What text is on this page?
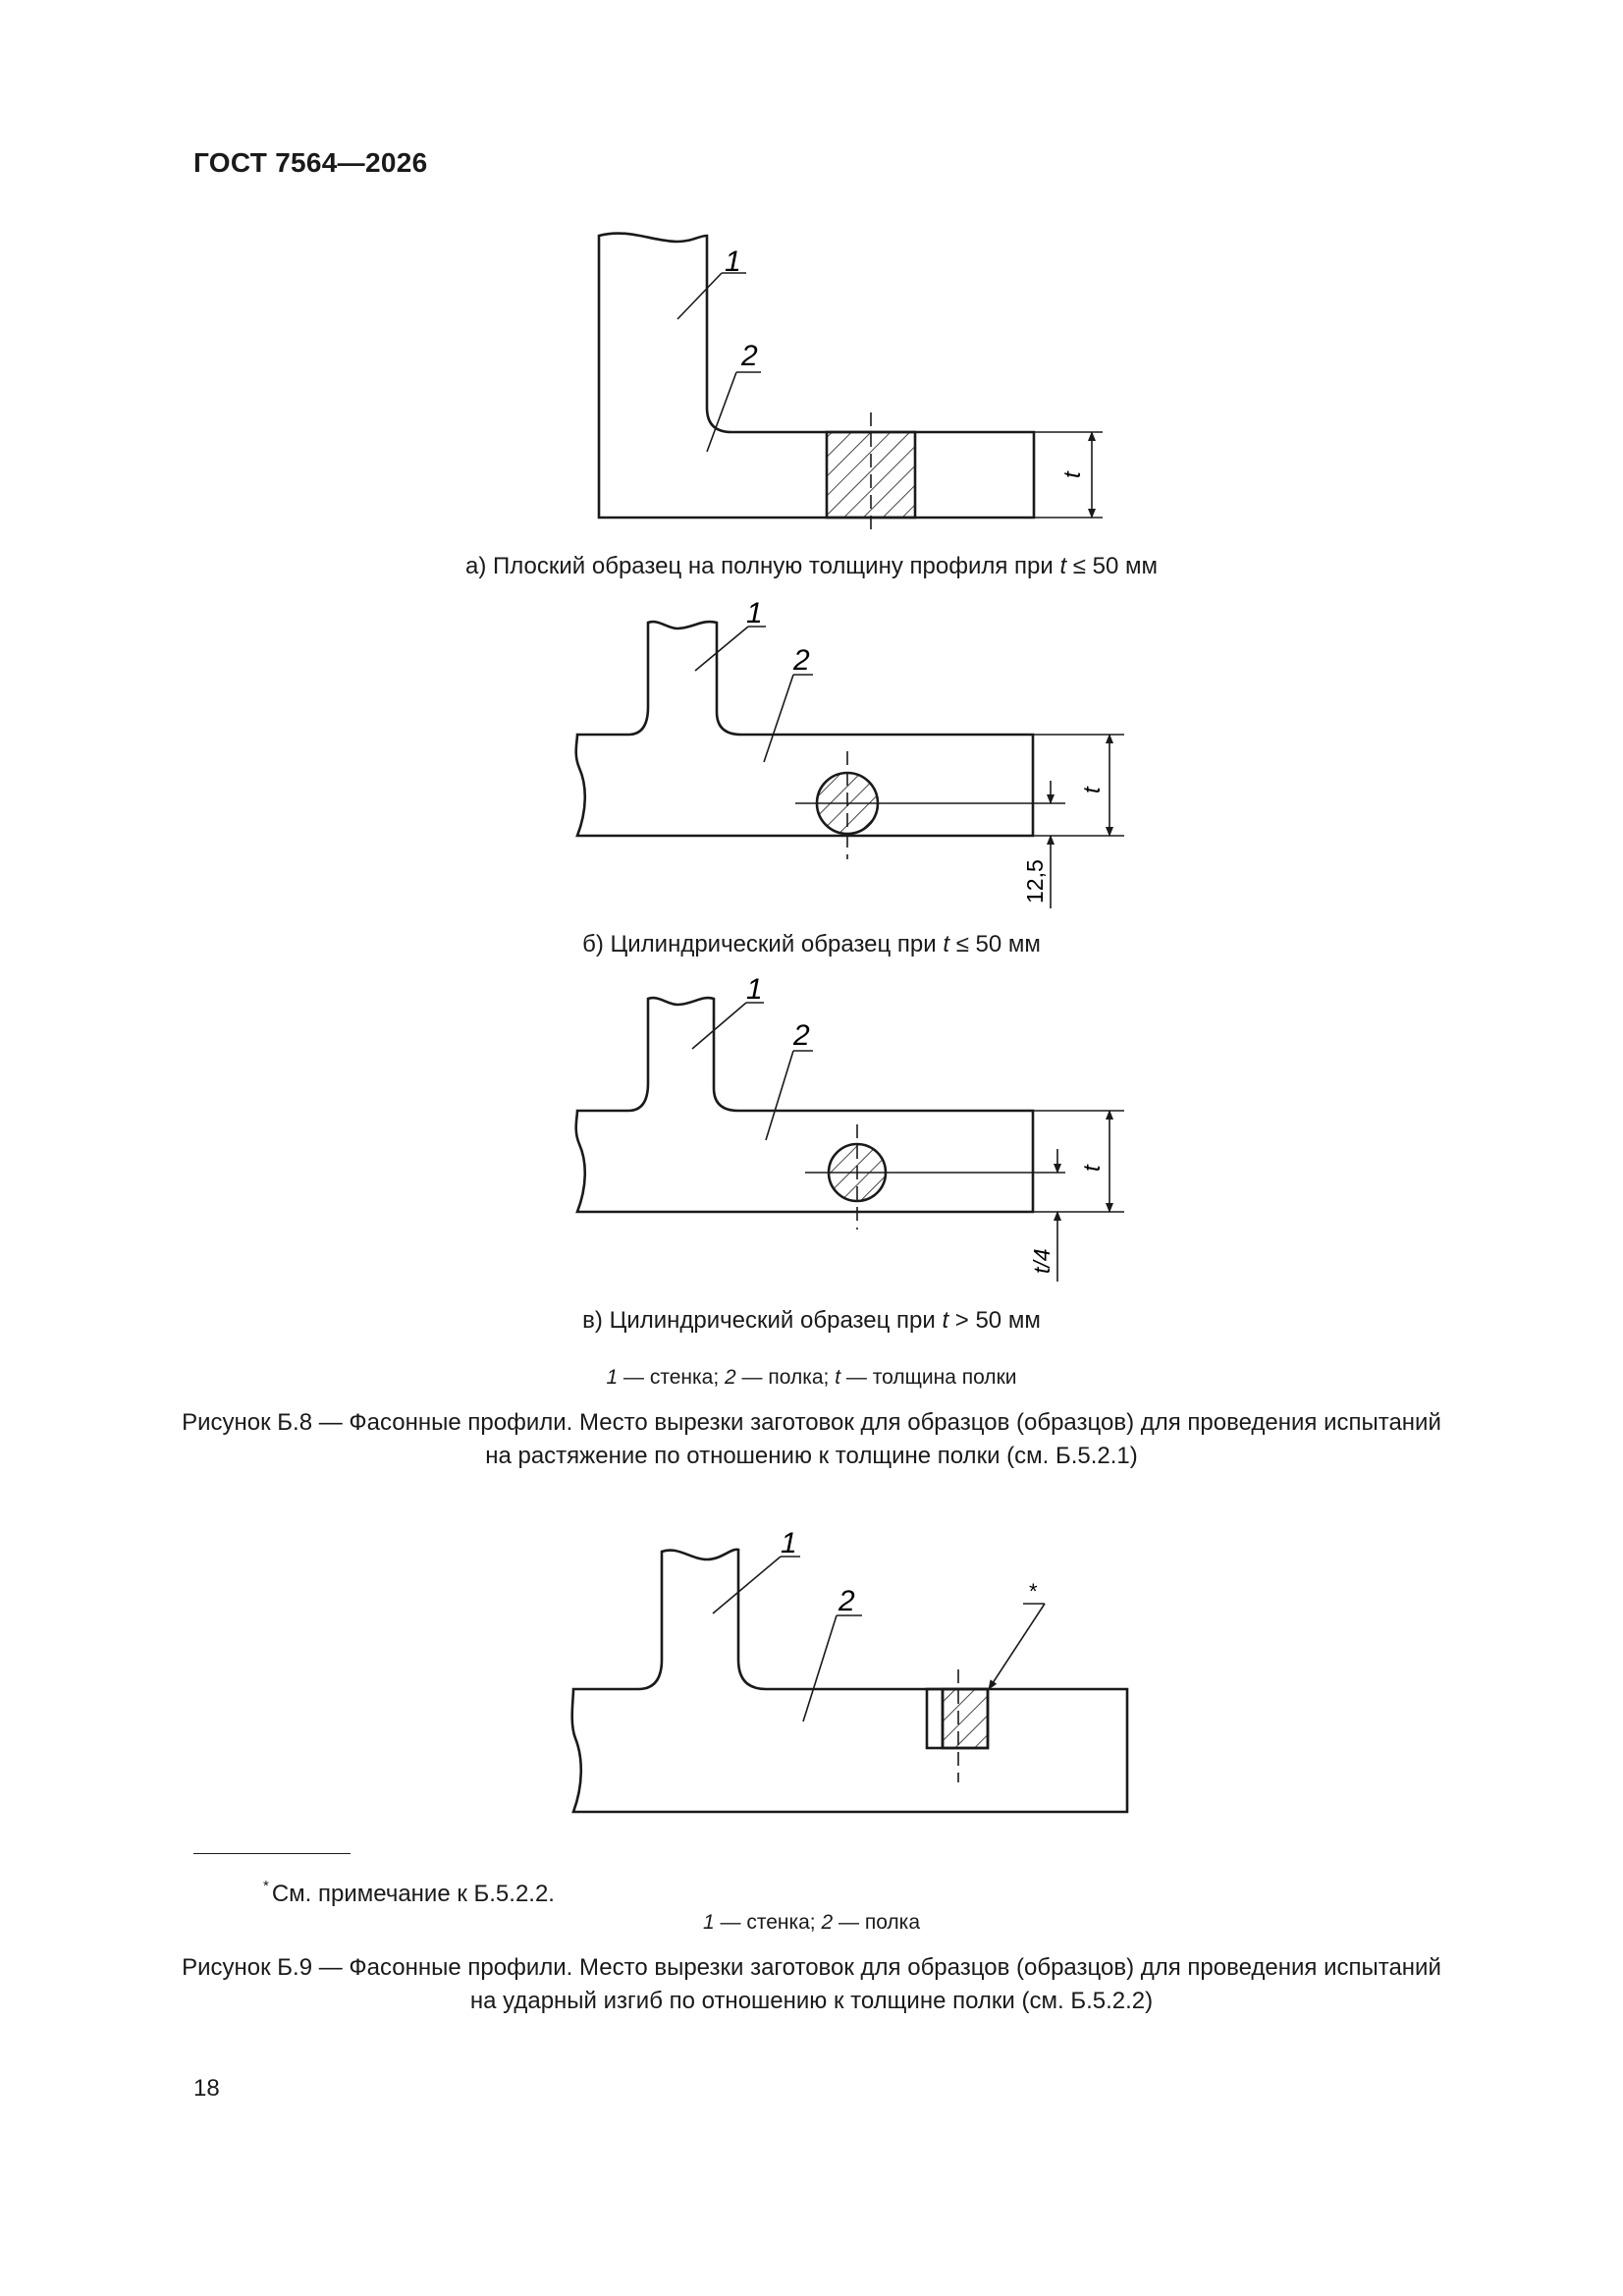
ГОСТ 7564—2026
1
2
t
1
2
t
12,5
1
2
t
t/4
1
2	*
а) Плоский образец на полную толщину профиля при t ≤ 50 мм
б) Цилиндрический образец при t ≤ 50 мм
в) Цилиндрический образец при t > 50 мм
1 — стенка; 2 — полка; t — толщина полки
Рисунок Б.8 — Фасонные профили. Место вырезки заготовок для образцов (образцов) для проведения испытаний
на растяжение по отношению к толщине полки (см. Б.5.2.1)
* См. примечание к Б.5.2.2.
1 — стенка; 2 — полка
Рисунок Б.9 — Фасонные профили. Место вырезки заготовок для образцов (образцов) для проведения испытаний
на ударный изгиб по отношению к толщине полки (см. Б.5.2.2)
18
